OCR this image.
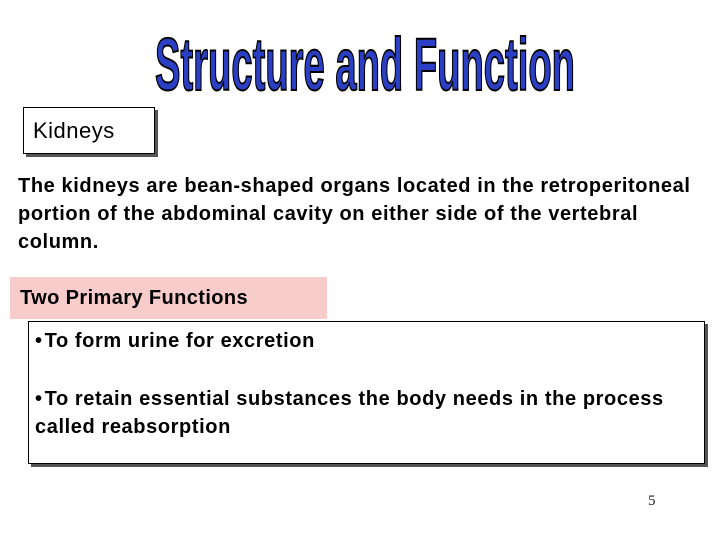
Structure and Function
Kidneys

The kidneys are bean-shaped organs located in the retroperitoneal portion of the abdominal cavity on either side of the vertebral column.

Two Primary Functions

• To form urine for excretion

• To retain essential substances the body needs in the process called reabsorption

5
